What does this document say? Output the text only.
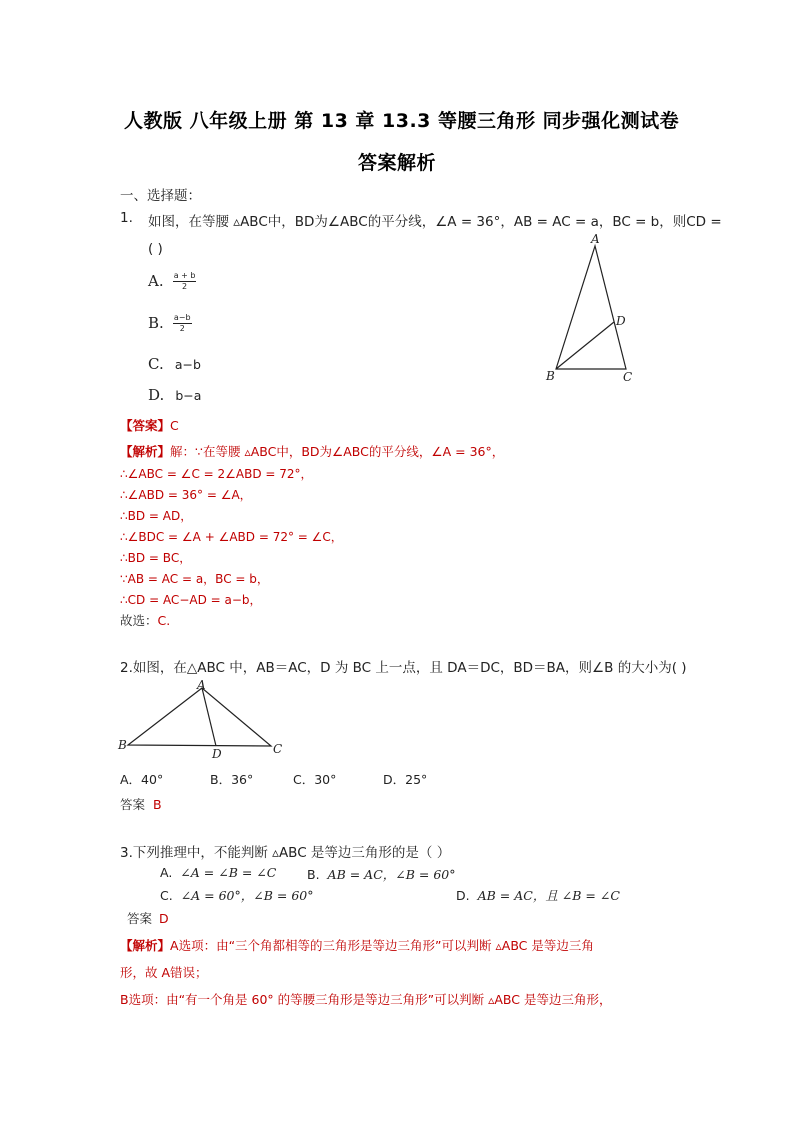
人教版 八年级上册 第 13 章 13.3 等腰三角形 同步强化测试卷
答案解析
一、选择题：
1. 如图，在等腰 ▵ABC中，BD为∠ABC的平分线，∠A = 36°，AB = AC = a，BC = b，则CD =
( )
A. $\frac{a + b}{2}$
B. $\frac{a-b}{2}$
C. a−b
D. b−a
A
B	C
D
【答案】C
【解析】解：∵在等腰 ▵ABC中，BD为∠ABC的平分线，∠A = 36°，
∴∠ABC = ∠C = 2∠ABD = 72°，
∴∠ABD = 36° = ∠A，
∴BD = AD，
∴∠BDC = ∠A + ∠ABD = 72° = ∠C，
∴BD = BC，
∵AB = AC = a，BC = b，
∴CD = AC−AD = a−b，
故选：C.
2.如图，在△ABC 中，AB＝AC，D 为 BC 上一点，且 DA＝DC，BD＝BA，则∠B 的大小为( )
A
B	C
D
A．40°	B．36°	C．30°	D．25°
答案 B
3.下列推理中，不能判断 ▵ABC 是等边三角形的是（ ）
A. ∠A = ∠B = ∠C B. AB = AC，∠B = 60°
C. ∠A = 60°，∠B = 60°	D. AB = AC，且 ∠B = ∠C
答案 D
【解析】A选项：由“三个角都相等的三角形是等边三角形”可以判断 ▵ABC 是等边三角
形，故 A错误；
B选项：由“有一个角是 60° 的等腰三角形是等边三角形”可以判断 ▵ABC 是等边三角形，
